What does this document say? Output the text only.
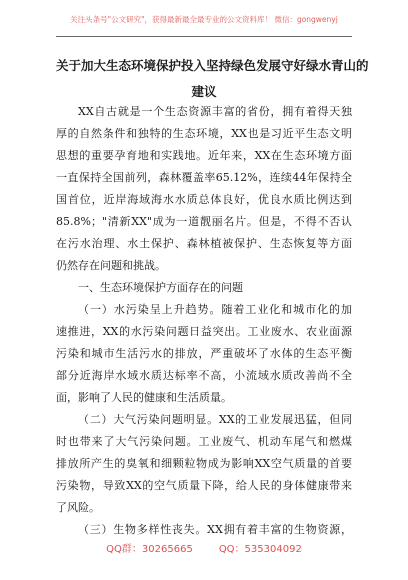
关注头条号"公文研究"，获得最新最全最专业的公文资料库！ 微信：gongwenyj
关于加大生态环境保护投入坚持绿色发展守好绿水青山的
建议
XX自古就是一个生态资源丰富的省份，拥有着得天独
厚的自然条件和独特的生态环境，XX也是习近平生态文明
思想的重要孕育地和实践地。近年来，XX在生态环境方面
一直保持全国前列，森林覆盖率65.12%，连续44年保持全
国首位，近岸海域海水水质总体良好，优良水质比例达到
85.8%；"清新XX"成为一道靓丽名片。但是，不得不否认
在污水治理、水土保护、森林植被保护、生态恢复等方面
仍然存在问题和挑战。
一、生态环境保护方面存在的问题
（一）水污染呈上升趋势。随着工业化和城市化的加
速推进，XX的水污染问题日益突出。工业废水、农业面源
污染和城市生活污水的排放，严重破坏了水体的生态平衡
部分近海岸水域水质达标率不高，小流域水质改善尚不全
面，影响了人民的健康和生活质量。
（二）大气污染问题明显。XX的工业发展迅猛，但同
时也带来了大气污染问题。工业废气、机动车尾气和燃煤
排放所产生的臭氧和细颗粒物成为影响XX空气质量的首要
污染物，导致XX的空气质量下降，给人民的身体健康带来
了风险。
（三）生物多样性丧失。XX拥有着丰富的生物资源，
QQ群：30265665	QQ：535304092
